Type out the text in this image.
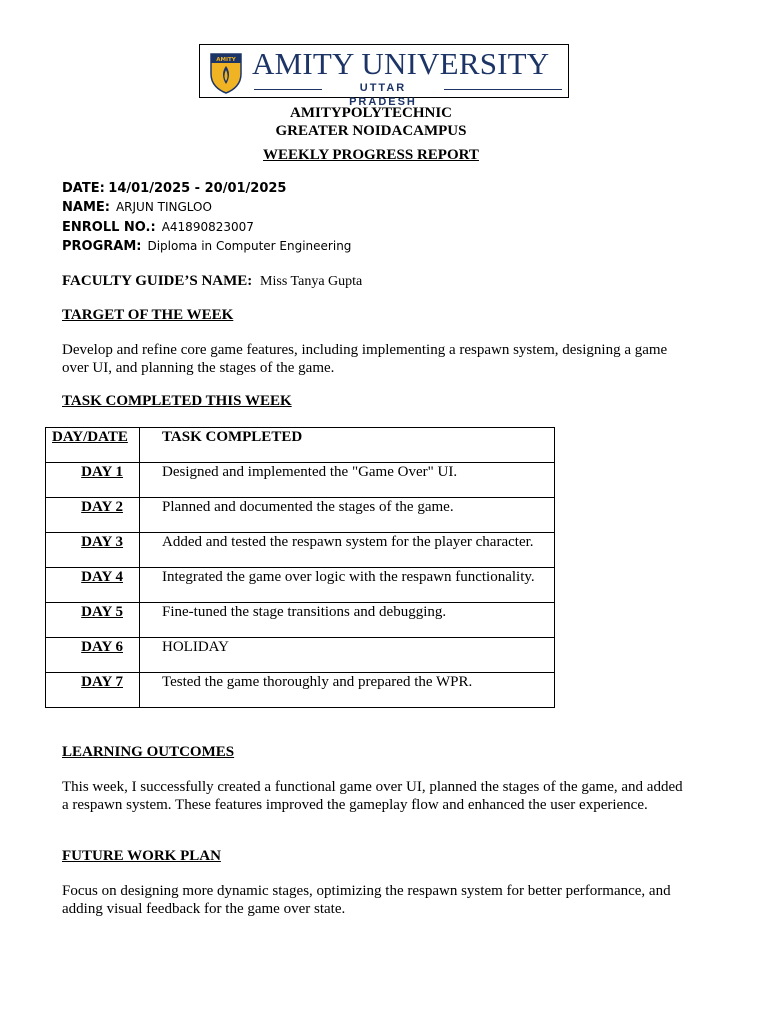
AMITY AMITY UNIVERSITY
UTTAR PRADESH
AMITYPOLYTECHNIC
GREATER NOIDACAMPUS
WEEKLY PROGRESS REPORT
DATE: 14/01/2025 - 20/01/2025
NAME: ARJUN TINGLOO
ENROLL NO.: A41890823007
PROGRAM: Diploma in Computer Engineering
FACULTY GUIDE’S NAME: Miss Tanya Gupta
TARGET OF THE WEEK
Develop and refine core game features, including implementing a respawn system, designing a game over UI, and planning the stages of the game.
TASK COMPLETED THIS WEEK
DAY/DATE	TASK COMPLETED

DAY 1	Designed and implemented the "Game Over" UI.

DAY 2	Planned and documented the stages of the game.

DAY 3	Added and tested the respawn system for the player character.

DAY 4	Integrated the game over logic with the respawn functionality.

DAY 5	Fine-tuned the stage transitions and debugging.

DAY 6	HOLIDAY

DAY 7	Tested the game thoroughly and prepared the WPR.
LEARNING OUTCOMES
This week, I successfully created a functional game over UI, planned the stages of the game, and added a respawn system. These features improved the gameplay flow and enhanced the user experience.
FUTURE WORK PLAN
Focus on designing more dynamic stages, optimizing the respawn system for better performance, and adding visual feedback for the game over state.
